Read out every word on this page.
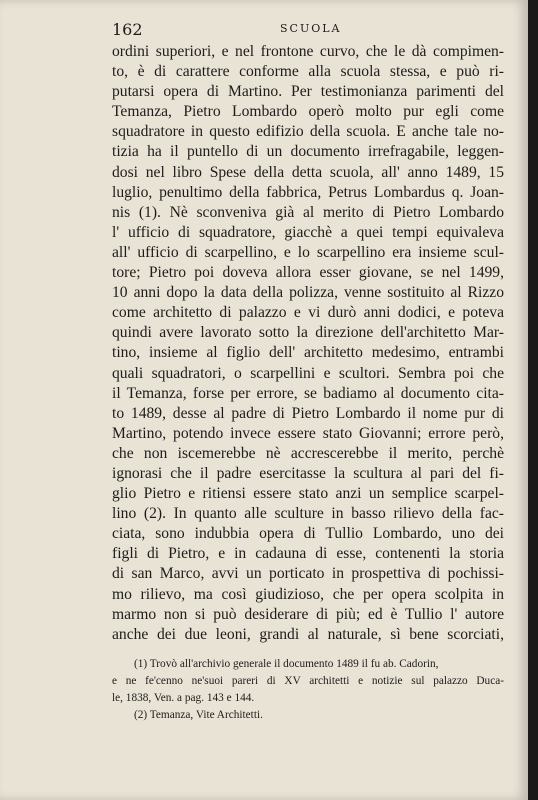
162	SCUOLA
ordini superiori, e nel frontone curvo, che le dà compimen-
to, è di carattere conforme alla scuola stessa, e può ri-
putarsi opera di Martino. Per testimonianza parimenti del
Temanza, Pietro Lombardo operò molto pur egli come
squadratore in questo edifizio della scuola. E anche tale no-
tizia ha il puntello di un documento irrefragabile, leggen-
dosi nel libro Spese della detta scuola, all' anno 1489, 15
luglio, penultimo della fabbrica, Petrus Lombardus q. Joan-
nis (1). Nè sconveniva già al merito di Pietro Lombardo
l' ufficio di squadratore, giacchè a quei tempi equivaleva
all' ufficio di scarpellino, e lo scarpellino era insieme scul-
tore; Pietro poi doveva allora esser giovane, se nel 1499,
10 anni dopo la data della polizza, venne sostituito al Rizzo
come architetto di palazzo e vi durò anni dodici, e poteva
quindi avere lavorato sotto la direzione dell'architetto Mar-
tino, insieme al figlio dell' architetto medesimo, entrambi
quali squadratori, o scarpellini e scultori. Sembra poi che
il Temanza, forse per errore, se badiamo al documento cita-
to 1489, desse al padre di Pietro Lombardo il nome pur di
Martino, potendo invece essere stato Giovanni; errore però,
che non iscemerebbe nè accrescerebbe il merito, perchè
ignorasi che il padre esercitasse la scultura al pari del fi-
glio Pietro e ritiensi essere stato anzi un semplice scarpel-
lino (2). In quanto alle sculture in basso rilievo della fac-
ciata, sono indubbia opera di Tullio Lombardo, uno dei
figli di Pietro, e in cadauna di esse, contenenti la storia
di san Marco, avvi un porticato in prospettiva di pochissi-
mo rilievo, ma così giudizioso, che per opera scolpita in
marmo non si può desiderare di più; ed è Tullio l' autore
anche dei due leoni, grandi al naturale, sì bene scorciati,
(1) Trovò all'archivio generale il documento 1489 il fu ab. Cadorin,
e ne fe'cenno ne'suoi pareri di XV architetti e notizie sul palazzo Duca-
le, 1838, Ven. a pag. 143 e 144.
(2) Temanza, Vite Architetti.
